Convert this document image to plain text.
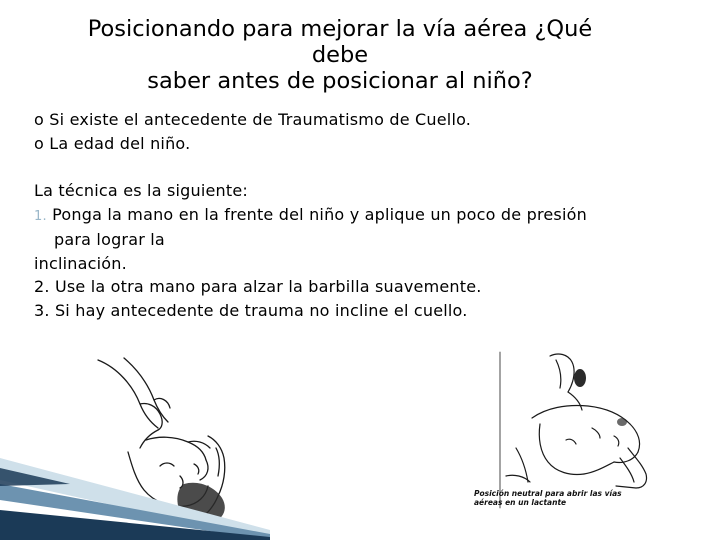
Posicionando para mejorar la vía aérea ¿Qué
debe
saber antes de posicionar al niño?
o Si existe el antecedente de Traumatismo de Cuello.
o La edad del niño.
La técnica es la siguiente:
1. Ponga la mano en la frente del niño y aplique un poco de presión
para lograr la
inclinación.
2. Use la otra mano para alzar la barbilla suavemente.
3. Si hay antecedente de trauma no incline el cuello.
Posición neutral para abrir las vías aéreas en un lactante
